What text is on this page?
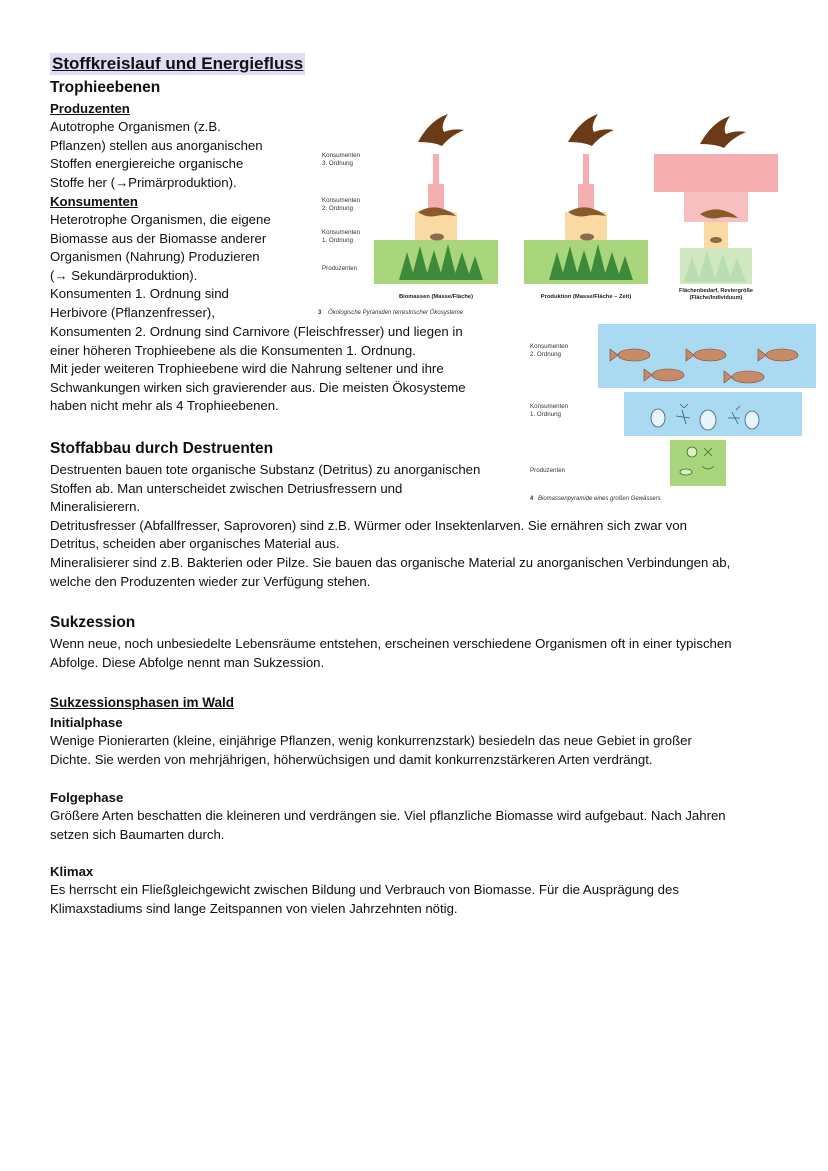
Stoffkreislauf und Energiefluss
Trophieebenen
Produzenten
Autotrophe Organismen (z.B.
Pflanzen) stellen aus anorganischen
Stoffen energiereiche organische
Stoffe her (→Primärproduktion).
Konsumenten
Heterotrophe Organismen, die eigene
Biomasse aus der Biomasse anderer
Organismen (Nahrung) Produzieren
(→ Sekundärproduktion).
Konsumenten 1. Ordnung sind
Herbivore (Pflanzenfresser),
Konsumenten 2. Ordnung sind Carnivore (Fleischfresser) und liegen in
einer höheren Trophieebene als die Konsumenten 1. Ordnung.
Mit jeder weiteren Trophieebene wird die Nahrung seltener und ihre
Schwankungen wirken sich gravierender aus. Die meisten Ökosysteme
haben nicht mehr als 4 Trophieebenen.
Konsumenten
3. Ordnung
Konsumenten
2. Ordnung
Konsumenten
1. Ordnung
Produzenten
Biomassen (Masse/Fläche)	Produktion (Masse/Fläche – Zeit)
Flächenbedarf, Reviergröße
(Fläche/Individuum)
3 Ökologische Pyramiden terrestrischer Ökosysteme
Konsumenten
2. Ordnung
Konsumenten
1. Ordnung
Produzenten
4 Biomassenpyramide eines großen Gewässers
Stoffabbau durch Destruenten
Destruenten bauen tote organische Substanz (Detritus) zu anorganischen
Stoffen ab. Man unterscheidet zwischen Detriusfressern und
Mineralisierern.
Detritusfresser (Abfallfresser, Saprovoren) sind z.B. Würmer oder Insektenlarven. Sie ernähren sich zwar von
Detritus, scheiden aber organisches Material aus.
Mineralisierer sind z.B. Bakterien oder Pilze. Sie bauen das organische Material zu anorganischen Verbindungen ab,
welche den Produzenten wieder zur Verfügung stehen.
Sukzession
Wenn neue, noch unbesiedelte Lebensräume entstehen, erscheinen verschiedene Organismen oft in einer typischen
Abfolge. Diese Abfolge nennt man Sukzession.
Sukzessionsphasen im Wald
Initialphase
Wenige Pionierarten (kleine, einjährige Pflanzen, wenig konkurrenzstark) besiedeln das neue Gebiet in großer
Dichte. Sie werden von mehrjährigen, höherwüchsigen und damit konkurrenzstärkeren Arten verdrängt.
Folgephase
Größere Arten beschatten die kleineren und verdrängen sie. Viel pflanzliche Biomasse wird aufgebaut. Nach Jahren
setzen sich Baumarten durch.
Klimax
Es herrscht ein Fließgleichgewicht zwischen Bildung und Verbrauch von Biomasse. Für die Ausprägung des
Klimaxstadiums sind lange Zeitspannen von vielen Jahrzehnten nötig.
